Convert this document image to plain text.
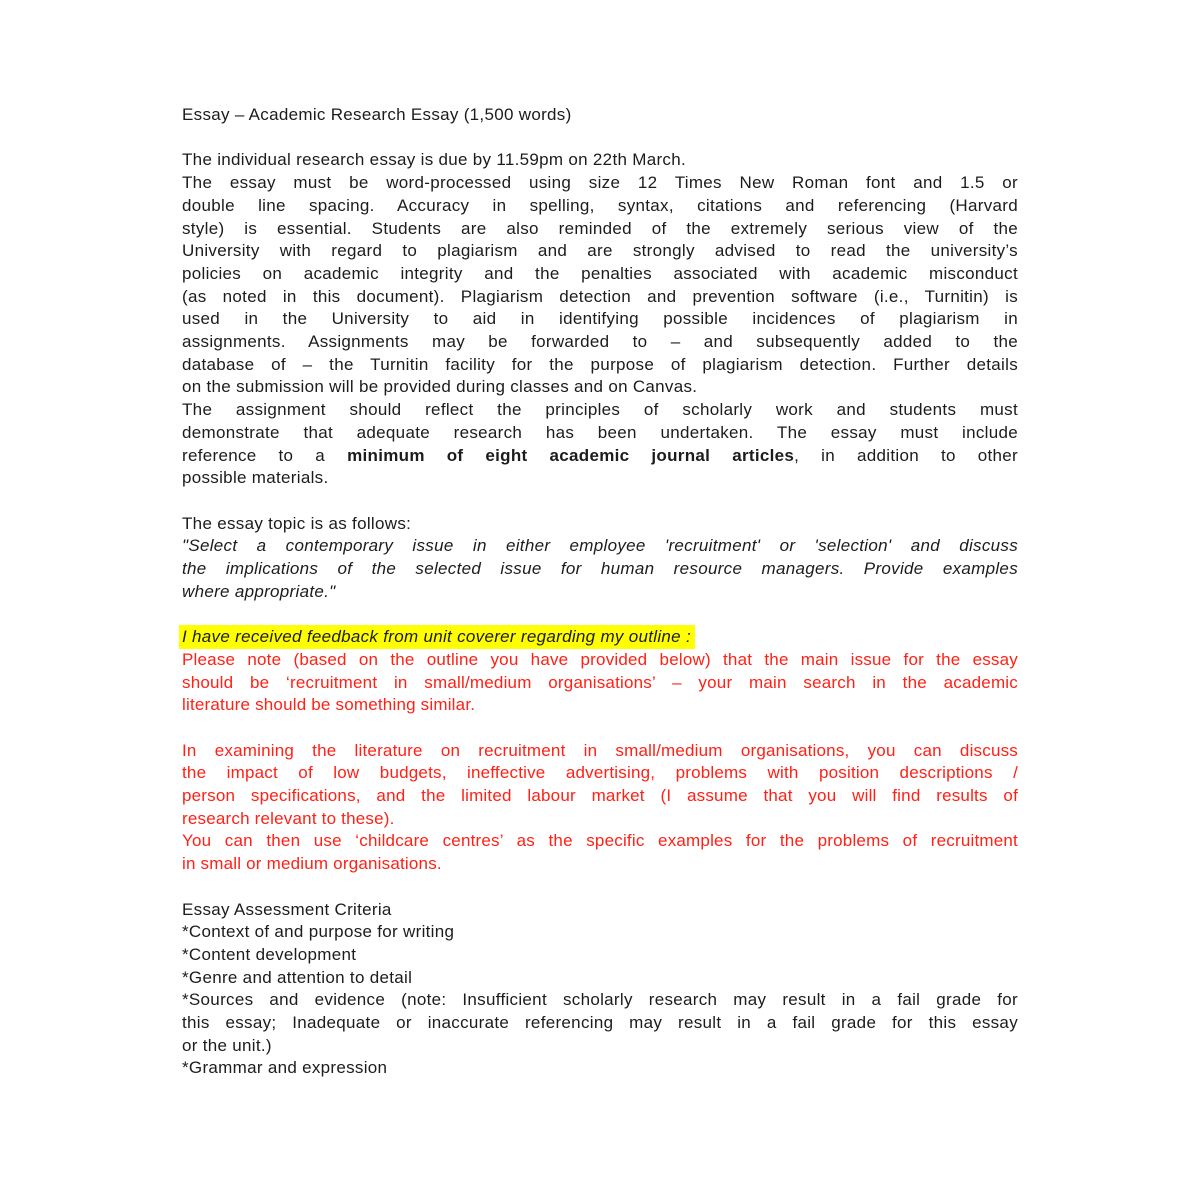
Essay – Academic Research Essay (1,500 words)

The individual research essay is due by 11.59pm on 22th March.

The essay must be word-processed using size 12 Times New Roman font and 1.5 or
double line spacing. Accuracy in spelling, syntax, citations and referencing (Harvard
style) is essential. Students are also reminded of the extremely serious view of the
University with regard to plagiarism and are strongly advised to read the university’s
policies on academic integrity and the penalties associated with academic misconduct
(as noted in this document). Plagiarism detection and prevention software (i.e., Turnitin) is
used in the University to aid in identifying possible incidences of plagiarism in
assignments. Assignments may be forwarded to – and subsequently added to the
database of – the Turnitin facility for the purpose of plagiarism detection. Further details
on the submission will be provided during classes and on Canvas.
The assignment should reflect the principles of scholarly work and students must
demonstrate that adequate research has been undertaken. The essay must include
reference to a minimum of eight academic journal articles, in addition to other
possible materials.

The essay topic is as follows:

"Select a contemporary issue in either employee 'recruitment' or 'selection' and discuss
the implications of the selected issue for human resource managers. Provide examples
where appropriate."

I have received feedback from unit coverer regarding my outline :

Please note (based on the outline you have provided below) that the main issue for the essay
should be ‘recruitment in small/medium organisations’ – your main search in the academic
literature should be something similar.
In examining the literature on recruitment in small/medium organisations, you can discuss
the impact of low budgets, ineffective advertising, problems with position descriptions /
person specifications, and the limited labour market (I assume that you will find results of
research relevant to these).
You can then use ‘childcare centres’ as the specific examples for the problems of recruitment
in small or medium organisations.

Essay Assessment Criteria

*Context of and purpose for writing
*Content development
*Genre and attention to detail
*Sources and evidence (note: Insufficient scholarly research may result in a fail grade for
this essay; Inadequate or inaccurate referencing may result in a fail grade for this essay
or the unit.)
*Grammar and expression
